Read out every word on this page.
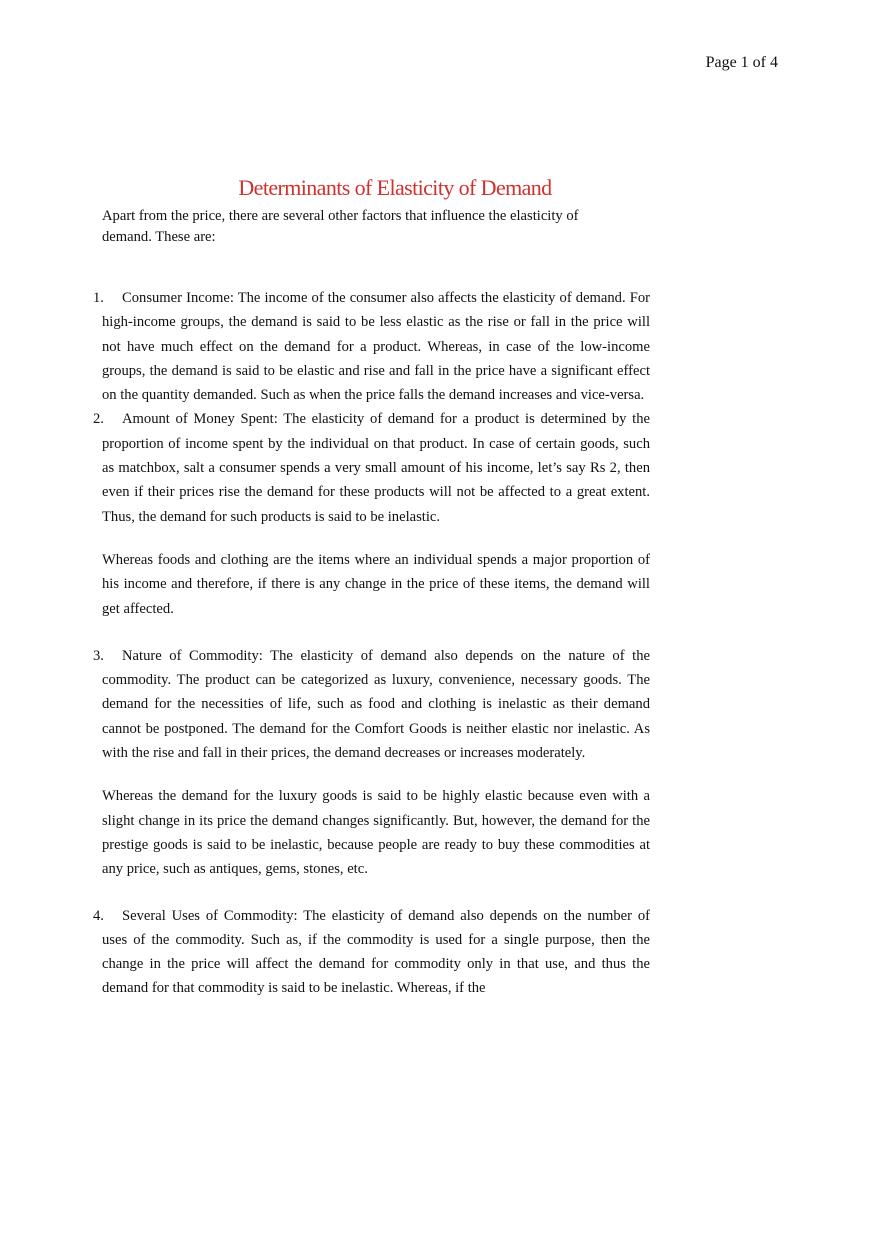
Page 1 of 4
Determinants of Elasticity of Demand

Apart from the price, there are several other factors that influence the elasticity of demand. These are:

1. Consumer Income: The income of the consumer also affects the elasticity of demand. For high-income groups, the demand is said to be less elastic as the rise or fall in the price will not have much effect on the demand for a product. Whereas, in case of the low-income groups, the demand is said to be elastic and rise and fall in the price have a significant effect on the quantity demanded. Such as when the price falls the demand increases and vice-versa.

2. Amount of Money Spent: The elasticity of demand for a product is determined by the proportion of income spent by the individual on that product. In case of certain goods, such as matchbox, salt a consumer spends a very small amount of his income, let’s say Rs 2, then even if their prices rise the demand for these products will not be affected to a great extent. Thus, the demand for such products is said to be inelastic.

Whereas foods and clothing are the items where an individual spends a major proportion of his income and therefore, if there is any change in the price of these items, the demand will get affected.

3. Nature of Commodity: The elasticity of demand also depends on the nature of the commodity. The product can be categorized as luxury, convenience, necessary goods. The demand for the necessities of life, such as food and clothing is inelastic as their demand cannot be postponed. The demand for the Comfort Goods is neither elastic nor inelastic. As with the rise and fall in their prices, the demand decreases or increases moderately.

Whereas the demand for the luxury goods is said to be highly elastic because even with a slight change in its price the demand changes significantly. But, however, the demand for the prestige goods is said to be inelastic, because people are ready to buy these commodities at any price, such as antiques, gems, stones, etc.

4. Several Uses of Commodity: The elasticity of demand also depends on the number of uses of the commodity. Such as, if the commodity is used for a single purpose, then the change in the price will affect the demand for commodity only in that use, and thus the demand for that commodity is said to be inelastic. Whereas, if the
